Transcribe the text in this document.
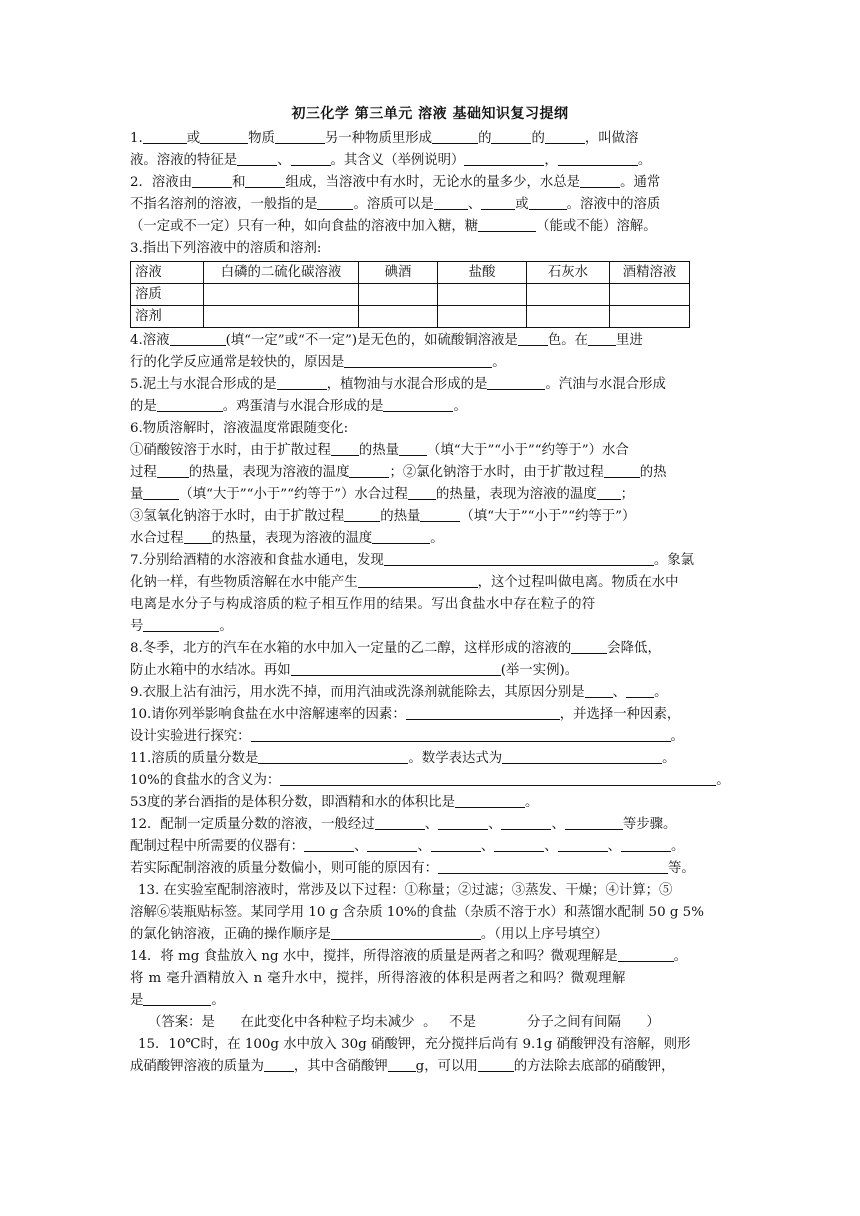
初三化学 第三单元 溶液 基础知识复习提纲

1.	或	物质	另一种物质里形成	的	的	，叫做溶

液。溶液的特征是	、	。其含义（举例说明）	，	。

2．溶液由	和	组成，当溶液中有水时，无论水的量多少，水总是	。通常

不指名溶剂的溶液，一般指的是	。溶质可以是	、	或	。溶液中的溶质

（一定或不一定）只有一种，如向食盐的溶液中加入糖，糖	（能或不能）溶解。

3.指出下列溶液中的溶质和溶剂:

溶液	白磷的二硫化碳溶液	碘酒	盐酸	石灰水	酒精溶液
溶质					
溶剂					

4.溶液	(填“一定”或“不一定”)是无色的，如硫酸铜溶液是 色。在 里进

行的化学反应通常是较快的，原因是	。

5.泥土与水混合形成的是	，植物油与水混合形成的是	。汽油与水混合形成

的是	。鸡蛋清与水混合形成的是	。

6.物质溶解时，溶液温度常跟随变化:

①硝酸铵溶于水时，由于扩散过程 的热量 （填“大于”“小于”“约等于”）水合

过程 的热量，表现为溶液的温度	；②氯化钠溶于水时，由于扩散过程	的热

量	（填“大于”“小于”“约等于”）水合过程 的热量，表现为溶液的温度 ；

③氢氧化钠溶于水时，由于扩散过程	的热量	（填“大于”“小于”“约等于”）

水合过程 的热量，表现为溶液的温度	。

7.分别给酒精的水溶液和食盐水通电，发现	。象氯

化钠一样，有些物质溶解在水中能产生	，这个过程叫做电离。物质在水中

电离是水分子与构成溶质的粒子相互作用的结果。写出食盐水中存在粒子的符

号	。

8.冬季，北方的汽车在水箱的水中加入一定量的乙二醇，这样形成的溶液的	会降低，

防止水箱中的水结冰。再如	(举一实例)。

9.衣服上沾有油污，用水洗不掉，而用汽油或洗涤剂就能除去，其原因分别是 、 。

10.请你列举影响食盐在水中溶解速率的因素：	，并选择一种因素，

设计实验进行探究：	。

11.溶质的质量分数是	。数学表达式为	。

10%的食盐水的含义为：	。

53度的茅台酒指的是体积分数，即酒精和水的体积比是	。

12．配制一定质量分数的溶液，一般经过	、	、	、	等步骤。

配制过程中所需要的仪器有：	、	、	、	、	、	。

若实际配制溶液的质量分数偏小，则可能的原因有：	等。

13. 在实验室配制溶液时，常涉及以下过程：①称量；②过滤；③蒸发、干燥；④计算；⑤

溶解⑥装瓶贴标签。某同学用 10 g 含杂质 10%的食盐（杂质不溶于水）和蒸馏水配制 50 g 5%

的氯化钠溶液，正确的操作顺序是	。（用以上序号填空）

14．将 mg 食盐放入 ng 水中，搅拌，所得溶液的质量是两者之和吗？微观理解是	。

将 m 毫升酒精放入 n 毫升水中，搅拌，所得溶液的体积是两者之和吗？微观理解

是	。

（答案：是      在此变化中各种粒子均未减少  。   不是            分子之间有间隔      ）

15．10℃时，在 100g 水中放入 30g 硝酸钾，充分搅拌后尚有 9.1g 硝酸钾没有溶解，则形

成硝酸钾溶液的质量为 ，其中含硝酸钾 g，可以用	的方法除去底部的硝酸钾，
